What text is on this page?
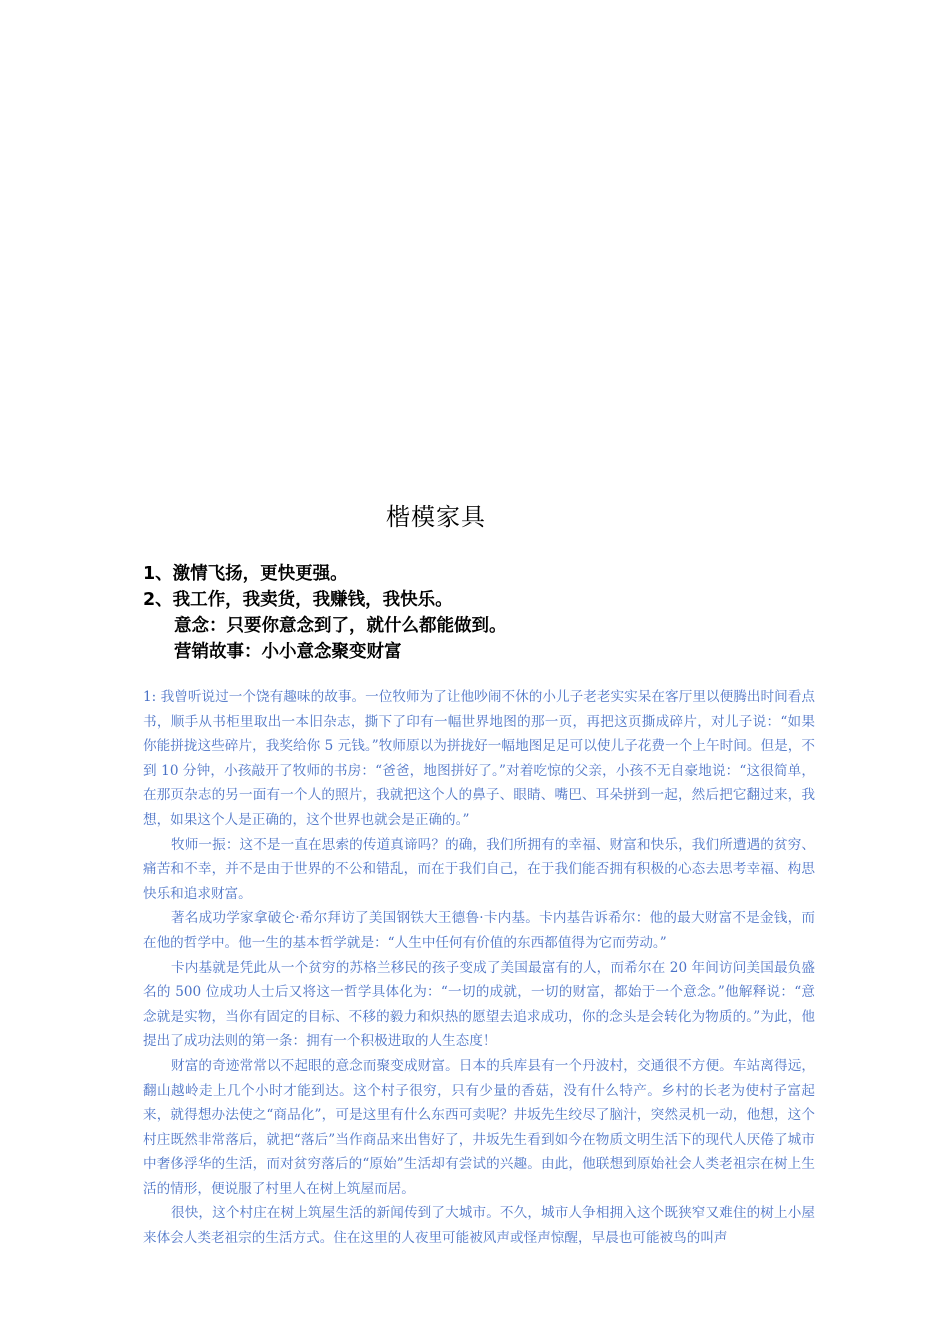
楷模家具
1、激情飞扬，更快更强。
2、我工作，我卖货，我赚钱，我快乐。
意念：只要你意念到了，就什么都能做到。
营销故事：小小意念聚变财富

1: 我曾听说过一个饶有趣味的故事。一位牧师为了让他吵闹不休的小儿子老老实实呆在客厅里以便腾出时间看点书，顺手从书柜里取出一本旧杂志，撕下了印有一幅世界地图的那一页，再把这页撕成碎片，对儿子说：“如果你能拼拢这些碎片，我奖给你 5 元钱。”牧师原以为拼拢好一幅地图足足可以使儿子花费一个上午时间。但是，不到 10 分钟，小孩敲开了牧师的书房：“爸爸，地图拼好了。”对着吃惊的父亲，小孩不无自豪地说：“这很简单，在那页杂志的另一面有一个人的照片，我就把这个人的鼻子、眼睛、嘴巴、耳朵拼到一起，然后把它翻过来，我想，如果这个人是正确的，这个世界也就会是正确的。”

牧师一振：这不是一直在思索的传道真谛吗？的确，我们所拥有的幸福、财富和快乐，我们所遭遇的贫穷、痛苦和不幸，并不是由于世界的不公和错乱，而在于我们自己，在于我们能否拥有积极的心态去思考幸福、构思快乐和追求财富。

著名成功学家拿破仑·希尔拜访了美国钢铁大王德鲁·卡内基。卡内基告诉希尔：他的最大财富不是金钱，而在他的哲学中。他一生的基本哲学就是：“人生中任何有价值的东西都值得为它而劳动。”

卡内基就是凭此从一个贫穷的苏格兰移民的孩子变成了美国最富有的人，而希尔在 20 年间访问美国最负盛名的 500 位成功人士后又将这一哲学具体化为：“一切的成就，一切的财富，都始于一个意念。”他解释说：“意念就是实物，当你有固定的目标、不移的毅力和炽热的愿望去追求成功，你的念头是会转化为物质的。”为此，他提出了成功法则的第一条：拥有一个积极进取的人生态度！

财富的奇迹常常以不起眼的意念而聚变成财富。日本的兵库县有一个丹波村，交通很不方便。车站离得远，翻山越岭走上几个小时才能到达。这个村子很穷，只有少量的香菇，没有什么特产。乡村的长老为使村子富起来，就得想办法使之“商品化”，可是这里有什么东西可卖呢？井坂先生绞尽了脑汁，突然灵机一动，他想，这个村庄既然非常落后，就把“落后”当作商品来出售好了，井坂先生看到如今在物质文明生活下的现代人厌倦了城市中奢侈浮华的生活，而对贫穷落后的“原始”生活却有尝试的兴趣。由此，他联想到原始社会人类老祖宗在树上生活的情形，便说服了村里人在树上筑屋而居。

很快，这个村庄在树上筑屋生活的新闻传到了大城市。不久，城市人争相拥入这个既狭窄又难住的树上小屋来体会人类老祖宗的生活方式。住在这里的人夜里可能被风声或怪声惊醒，早晨也可能被鸟的叫声
